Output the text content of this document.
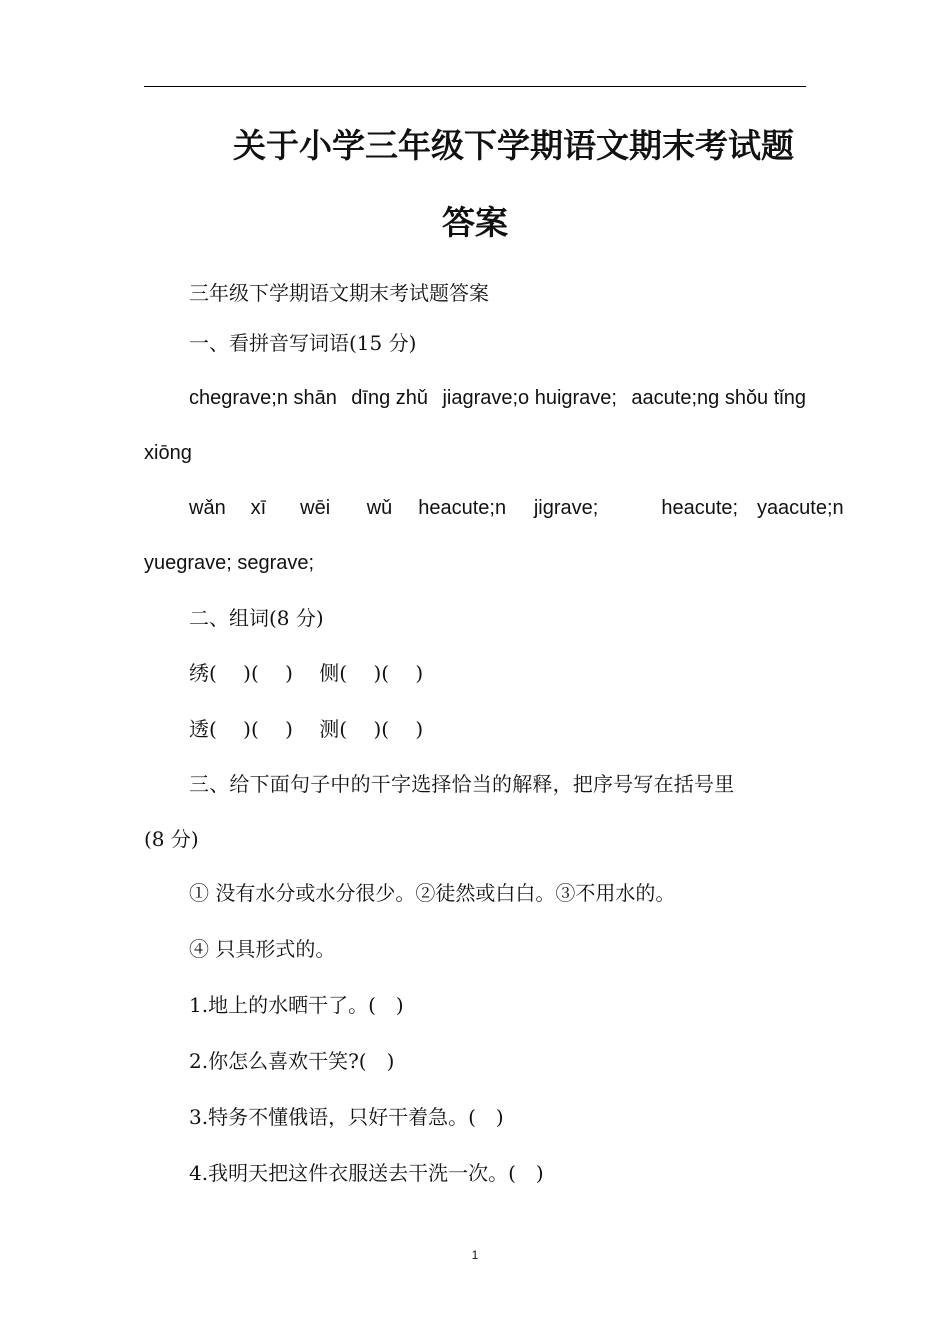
关于小学三年级下学期语文期末考试题
答案
三年级下学期语文期末考试题答案
一、看拼音写词语(15 分)
chegrave;n shān dīng zhǔ jiagrave;o huigrave; aacute;ng shǒu tǐng
xiōng
wǎn xī wēi wǔ heacute;n jigrave;	heacute; yaacute;n
yuegrave; segrave;
二、组词(8 分)
绣(　 )(　 )　 侧(　 )(　 )
透(　 )(　 )　 测(　 )(　 )
三、给下面句子中的干字选择恰当的解释，把序号写在括号里
(8 分)
① 没有水分或水分很少。②徒然或白白。③不用水的。
④ 只具形式的。
1.地上的水晒干了。(　)
2.你怎么喜欢干笑?(　)
3.特务不懂俄语，只好干着急。(　)
4.我明天把这件衣服送去干洗一次。(　)
1
